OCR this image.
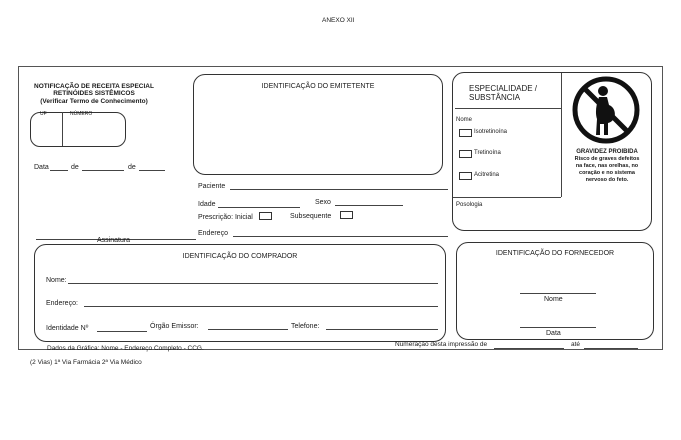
ANEXO XII
NOTIFICAÇÃO DE RECEITA ESPECIAL
RETINÓIDES SISTÊMICOS
(Verificar Termo de Conhecimento)
UF	NÚMERO
Data	de	de
Assinatura
IDENTIFICAÇÃO DO EMITETENTE
Paciente
Idade	Sexo
Prescrição: Inicial	Subsequente
Endereço
ESPECIALIDADE /
SUBSTÂNCIA
Nome
Isotretinoína
Tretinoína
Acitretina
Posologia
GRAVIDEZ PROIBIDA
Risco de graves defeitos
na face, nas orelhas, no
coração e no sistema
nervoso do feto.
IDENTIFICAÇÃO DO COMPRADOR
Nome:
Endereço:
Identidade Nº	Órgão Emissor:	Telefone:
IDENTIFICAÇÃO DO FORNECEDOR
Nome
Data
Dados da Gráfica: Nome - Endereço Completo - CCG.
Numeração desta impressão de	até
(2 Vias) 1ª Via Farmácia 2ª Via Médico
